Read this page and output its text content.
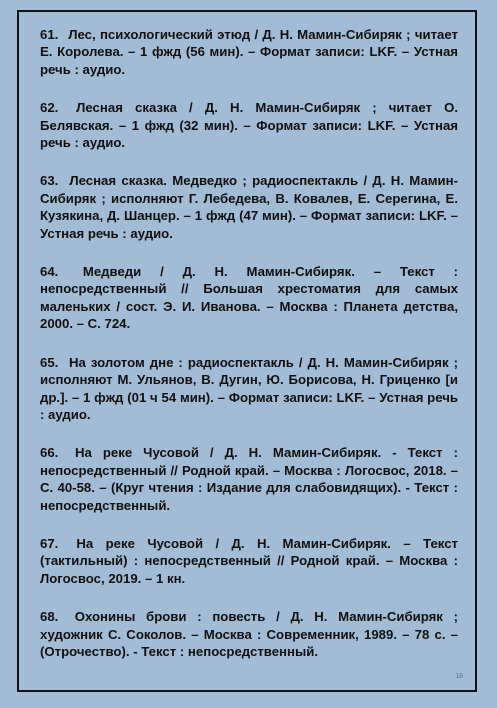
61. Лес, психологический этюд / Д. Н. Мамин-Сибиряк ; читает Е. Королева. – 1 фжд (56 мин). – Формат записи: LKF. – Устная речь : аудио.
62. Лесная сказка / Д. Н. Мамин-Сибиряк ; читает О. Белявская. – 1 фжд (32 мин). – Формат записи: LKF. – Устная речь : аудио.
63. Лесная сказка. Медведко ; радиоспектакль / Д. Н. Мамин-Сибиряк ; исполняют Г. Лебедева, В. Ковалев, Е. Серегина, Е. Кузякина, Д. Шанцер. – 1 фжд (47 мин). – Формат записи: LKF. – Устная речь : аудио.
64. Медведи / Д. Н. Мамин-Сибиряк. – Текст : непосредственный // Большая хрестоматия для самых маленьких / сост. Э. И. Иванова. – Москва : Планета детства, 2000. – С. 724.
65. На золотом дне : радиоспектакль / Д. Н. Мамин-Сибиряк ; исполняют М. Ульянов, В. Дугин, Ю. Борисова, Н. Гриценко [и др.]. – 1 фжд (01 ч 54 мин). – Формат записи: LKF. – Устная речь : аудио.
66. На реке Чусовой / Д. Н. Мамин-Сибиряк. - Текст : непосредственный // Родной край. – Москва : Логосвос, 2018. – С. 40-58. – (Круг чтения : Издание для слабовидящих). - Текст : непосредственный.
67. На реке Чусовой / Д. Н. Мамин-Сибиряк. – Текст (тактильный) : непосредственный // Родной край. – Москва : Логосвос, 2019. – 1 кн.
68. Охонины брови : повесть / Д. Н. Мамин-Сибиряк ; художник С. Соколов. – Москва : Современник, 1989. – 78 с. – (Отрочество). - Текст : непосредственный.
18
